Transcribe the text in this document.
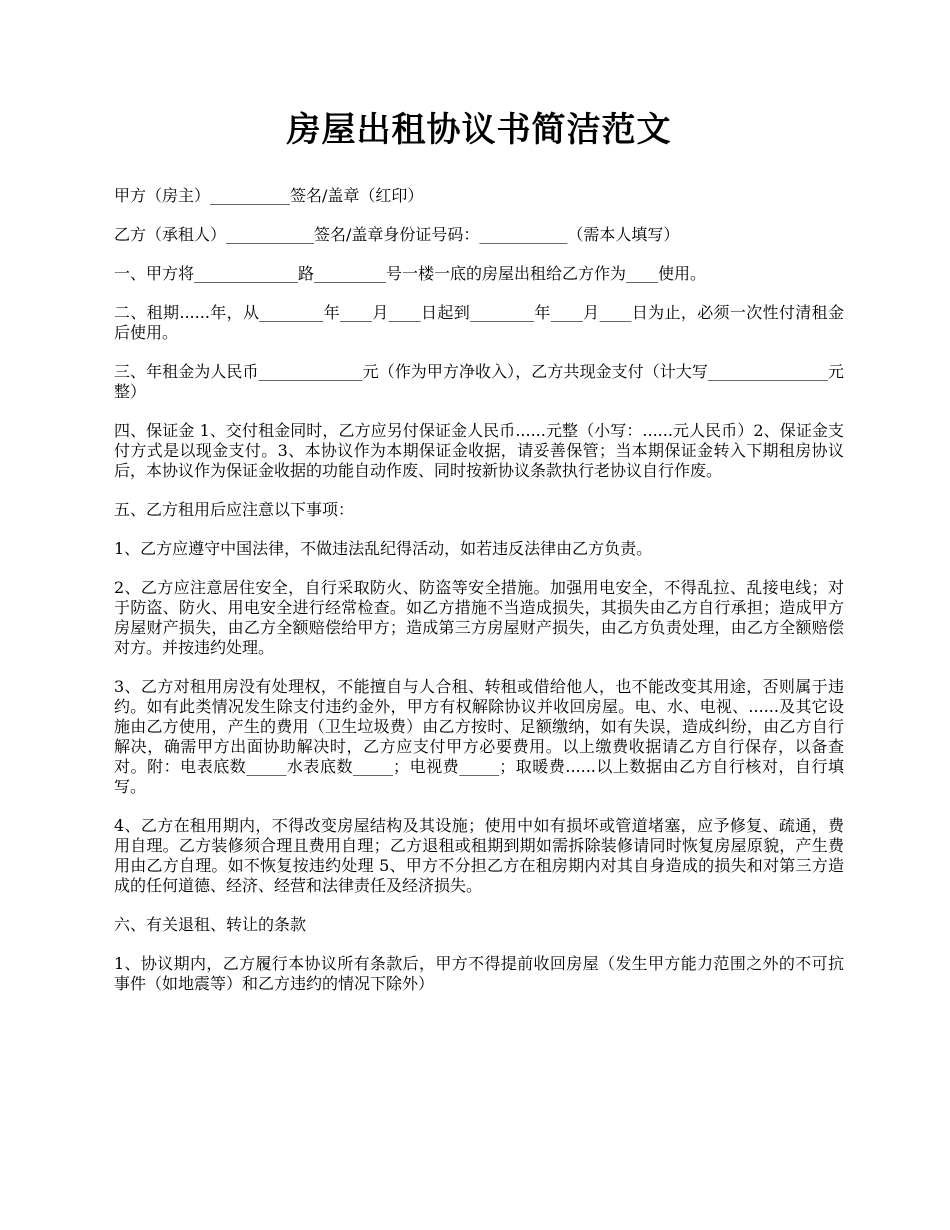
房屋出租协议书简洁范文

甲方（房主）__________签名/盖章（红印）

乙方（承租人）___________签名/盖章身份证号码：___________（需本人填写）

一、甲方将_____________路_________号一楼一底的房屋出租给乙方作为____使用。

二、租期......年，从________年____月____日起到________年____月____日为止，必须一次性付清租金后使用。

三、年租金为人民币_____________元（作为甲方净收入），乙方共现金支付（计大写_______________元整）

四、保证金 1、交付租金同时，乙方应另付保证金人民币......元整（小写：......元人民币）2、保证金支付方式是以现金支付。3、本协议作为本期保证金收据，请妥善保管；当本期保证金转入下期租房协议后，本协议作为保证金收据的功能自动作废、同时按新协议条款执行老协议自行作废。

五、乙方租用后应注意以下事项：

1、乙方应遵守中国法律，不做违法乱纪得活动，如若违反法律由乙方负责。

2、乙方应注意居住安全，自行采取防火、防盗等安全措施。加强用电安全，不得乱拉、乱接电线；对于防盗、防火、用电安全进行经常检查。如乙方措施不当造成损失，其损失由乙方自行承担；造成甲方房屋财产损失，由乙方全额赔偿给甲方；造成第三方房屋财产损失，由乙方负责处理，由乙方全额赔偿对方。并按违约处理。

3、乙方对租用房没有处理权，不能擅自与人合租、转租或借给他人，也不能改变其用途，否则属于违约。如有此类情况发生除支付违约金外，甲方有权解除协议并收回房屋。电、水、电视、......及其它设施由乙方使用，产生的费用（卫生垃圾费）由乙方按时、足额缴纳，如有失误，造成纠纷，由乙方自行解决，确需甲方出面协助解决时，乙方应支付甲方必要费用。以上缴费收据请乙方自行保存，以备查对。附：电表底数_____水表底数_____；电视费_____；取暖费......以上数据由乙方自行核对，自行填写。

4、乙方在租用期内，不得改变房屋结构及其设施；使用中如有损坏或管道堵塞，应予修复、疏通，费用自理。乙方装修须合理且费用自理；乙方退租或租期到期如需拆除装修请同时恢复房屋原貌，产生费用由乙方自理。如不恢复按违约处理 5、甲方不分担乙方在租房期内对其自身造成的损失和对第三方造成的任何道德、经济、经营和法律责任及经济损失。

六、有关退租、转让的条款

1、协议期内，乙方履行本协议所有条款后，甲方不得提前收回房屋（发生甲方能力范围之外的不可抗事件（如地震等）和乙方违约的情况下除外）
